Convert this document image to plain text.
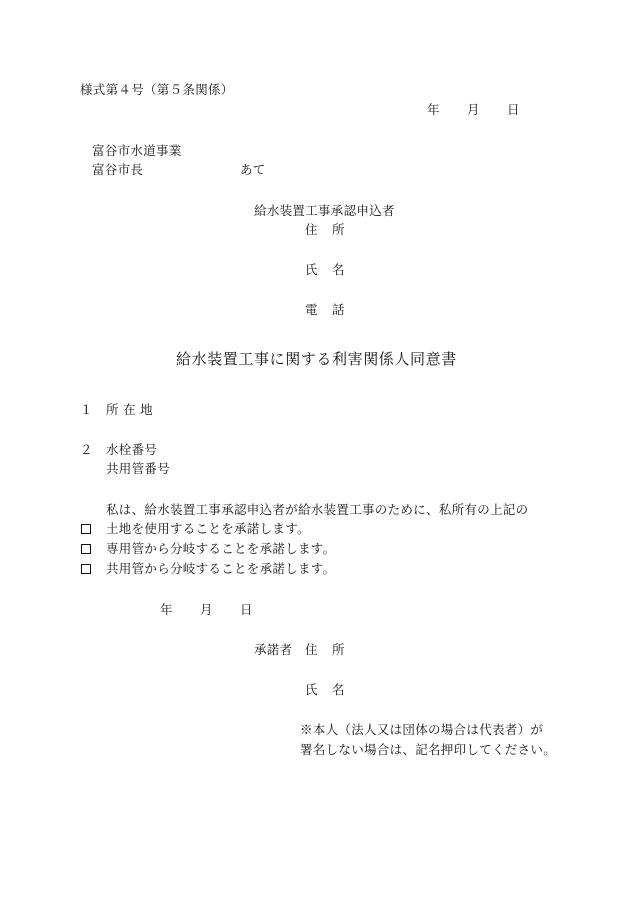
様式第４号（第５条関係）
年 月 日
富谷市水道事業
富谷市長	あて
給水装置工事承認申込者
住 所
氏 名
電 話
給水装置工事に関する利害関係人同意書
１ 所 在 地
２ 水栓番号
共用管番号
私は、給水装置工事承認申込者が給水装置工事のために、私所有の上記の
土地を使用することを承諾します。
専用管から分岐することを承諾します。
共用管から分岐することを承諾します。
年 月 日
承諾者 住 所
氏 名
※本人（法人又は団体の場合は代表者）が
署名しない場合は、記名押印してください。
